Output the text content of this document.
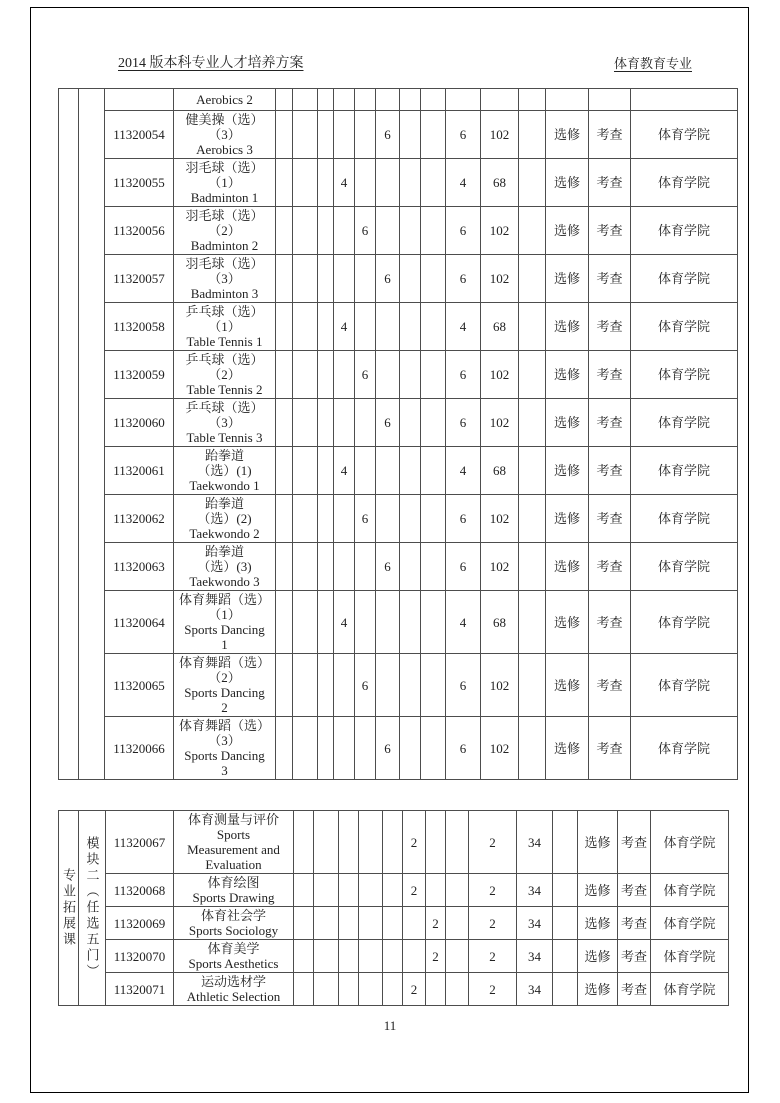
2014 版本科专业人才培养方案	体育教育专业

			Aerobics 2														

		11320054	健美操（选）
（3）
Aerobics 3						6			6	102		选修	考查	体育学院
		11320055	羽毛球（选）
（1）
Badminton 1				4					4	68		选修	考查	体育学院
		11320056	羽毛球（选）
（2）
Badminton 2					6				6	102		选修	考查	体育学院
		11320057	羽毛球（选）
（3）
Badminton 3						6			6	102		选修	考查	体育学院
		11320058	乒乓球（选）
（1）
Table Tennis 1				4					4	68		选修	考查	体育学院
		11320059	乒乓球（选）
（2）
Table Tennis 2					6				6	102		选修	考查	体育学院
		11320060	乒乓球（选）
（3）
Table Tennis 3						6			6	102		选修	考查	体育学院
		11320061	跆拳道
（选）(1)
Taekwondo 1				4					4	68		选修	考查	体育学院
		11320062	跆拳道
（选）(2)
Taekwondo 2					6				6	102		选修	考查	体育学院
		11320063	跆拳道
（选）(3)
Taekwondo 3						6			6	102		选修	考查	体育学院
		11320064	体育舞蹈（选）
（1）
Sports Dancing
1				4					4	68		选修	考查	体育学院
		11320065	体育舞蹈（选）
（2）
Sports Dancing
2					6				6	102		选修	考查	体育学院
		11320066	体育舞蹈（选）
（3）
Sports Dancing
3						6			6	102		选修	考查	体育学院
专业拓展课	模块二（任选五门）	11320067	体育测量与评价
Sports
Measurement and
Evaluation						2			2	34		选修	考查	体育学院
		11320068	体育绘图
Sports Drawing						2			2	34		选修	考查	体育学院
		11320069	体育社会学
Sports Sociology							2		2	34		选修	考查	体育学院
		11320070	体育美学
Sports Aesthetics							2		2	34		选修	考查	体育学院
		11320071	运动选材学
Athletic Selection						2			2	34		选修	考查	体育学院
11
